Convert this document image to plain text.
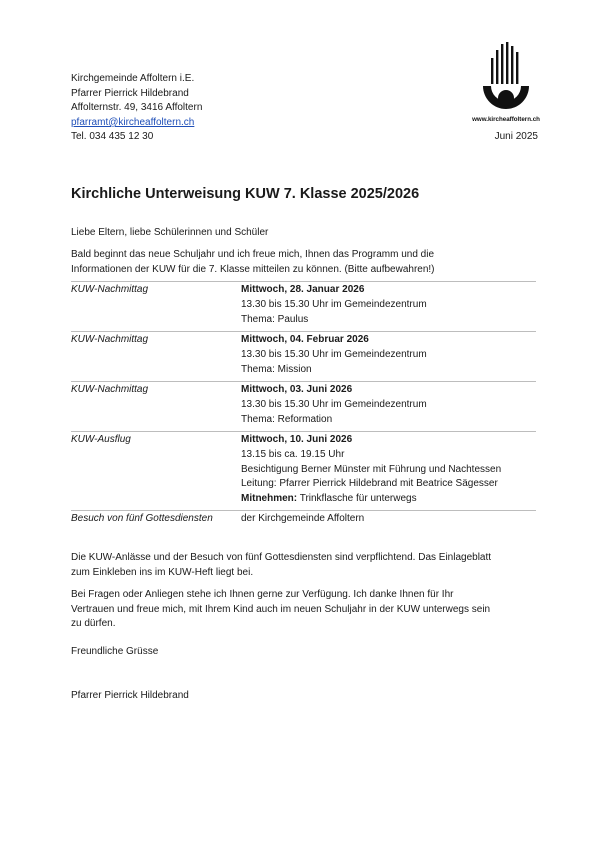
Kirchgemeinde Affoltern i.E.
Pfarrer Pierrick Hildebrand
Affolternstr. 49, 3416 Affoltern
pfarramt@kircheaffoltern.ch
Tel. 034 435 12 30
www.kircheaffoltern.ch
Juni 2025
Kirchliche Unterweisung KUW 7. Klasse 2025/2026
Liebe Eltern, liebe Schülerinnen und Schüler
Bald beginnt das neue Schuljahr und ich freue mich, Ihnen das Programm und die
Informationen der KUW für die 7. Klasse mitteilen zu können. (Bitte aufbewahren!)
KUW-Nachmittag	Mittwoch, 28. Januar 2026
13.30 bis 15.30 Uhr im Gemeindezentrum
Thema: Paulus
KUW-Nachmittag	Mittwoch, 04. Februar 2026
13.30 bis 15.30 Uhr im Gemeindezentrum
Thema: Mission
KUW-Nachmittag	Mittwoch, 03. Juni 2026
13.30 bis 15.30 Uhr im Gemeindezentrum
Thema: Reformation
KUW-Ausflug	Mittwoch, 10. Juni 2026
13.15 bis ca. 19.15 Uhr
Besichtigung Berner Münster mit Führung und Nachtessen
Leitung: Pfarrer Pierrick Hildebrand mit Beatrice Sägesser
Mitnehmen: Trinkflasche für unterwegs
Besuch von fünf Gottesdiensten	der Kirchgemeinde Affoltern
Die KUW-Anlässe und der Besuch von fünf Gottesdiensten sind verpflichtend. Das Einlageblatt
zum Einkleben ins im KUW-Heft liegt bei.
Bei Fragen oder Anliegen stehe ich Ihnen gerne zur Verfügung. Ich danke Ihnen für Ihr
Vertrauen und freue mich, mit Ihrem Kind auch im neuen Schuljahr in der KUW unterwegs sein
zu dürfen.
Freundliche Grüsse
Pfarrer Pierrick Hildebrand
